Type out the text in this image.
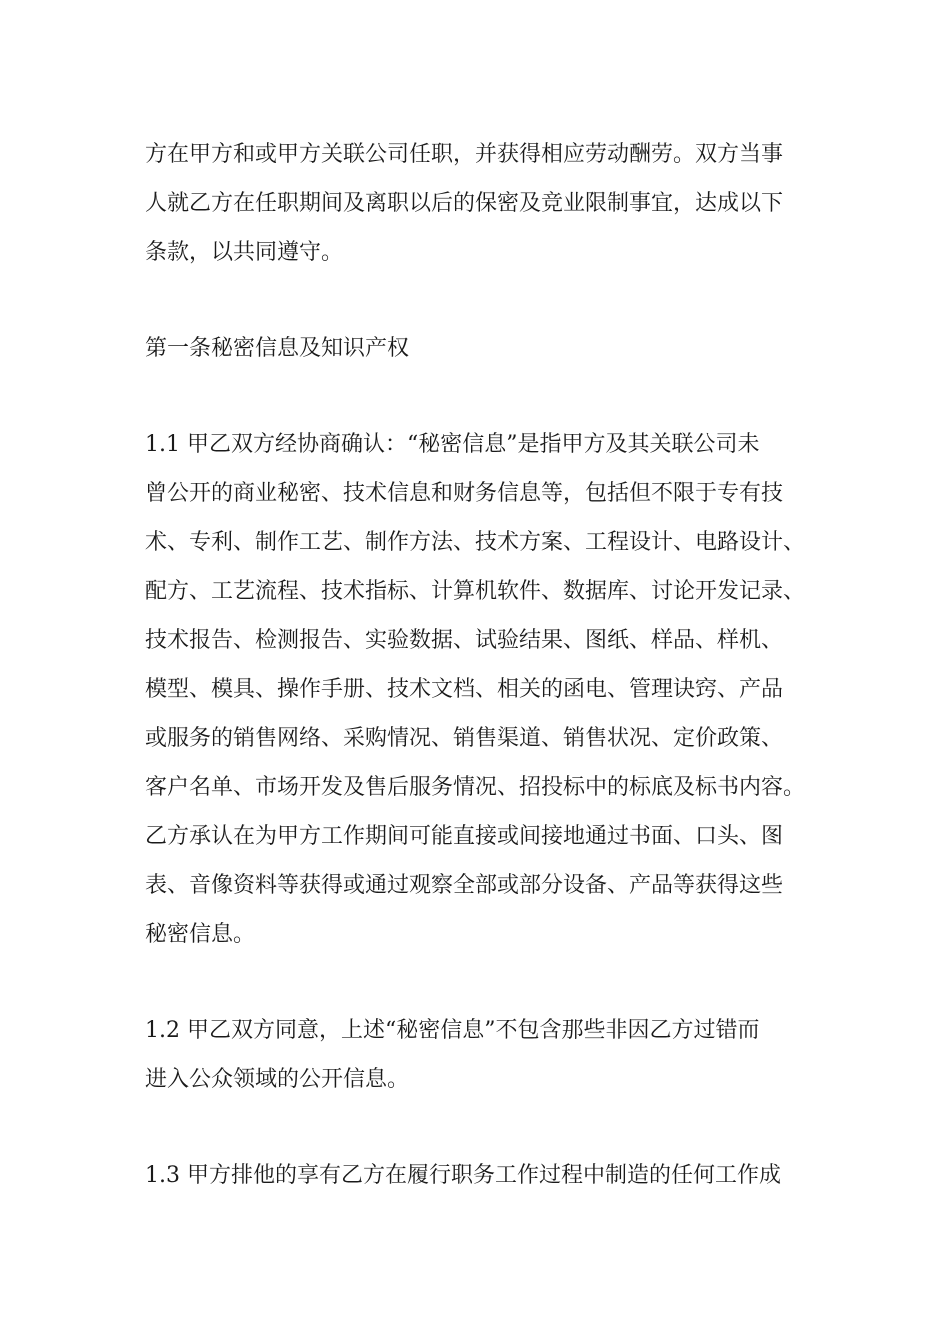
方在甲方和或甲方关联公司任职，并获得相应劳动酬劳。双方当事
人就乙方在任职期间及离职以后的保密及竞业限制事宜，达成以下
条款，以共同遵守。

第一条秘密信息及知识产权

1.1 甲乙双方经协商确认：“秘密信息”是指甲方及其关联公司未
曾公开的商业秘密、技术信息和财务信息等，包括但不限于专有技
术、专利、制作工艺、制作方法、技术方案、工程设计、电路设计、
配方、工艺流程、技术指标、计算机软件、数据库、讨论开发记录、
技术报告、检测报告、实验数据、试验结果、图纸、样品、样机、
模型、模具、操作手册、技术文档、相关的函电、管理诀窍、产品
或服务的销售网络、采购情况、销售渠道、销售状况、定价政策、
客户名单、市场开发及售后服务情况、招投标中的标底及标书内容。
乙方承认在为甲方工作期间可能直接或间接地通过书面、口头、图
表、音像资料等获得或通过观察全部或部分设备、产品等获得这些
秘密信息。

1.2 甲乙双方同意，上述“秘密信息”不包含那些非因乙方过错而
进入公众领域的公开信息。

1.3 甲方排他的享有乙方在履行职务工作过程中制造的任何工作成
